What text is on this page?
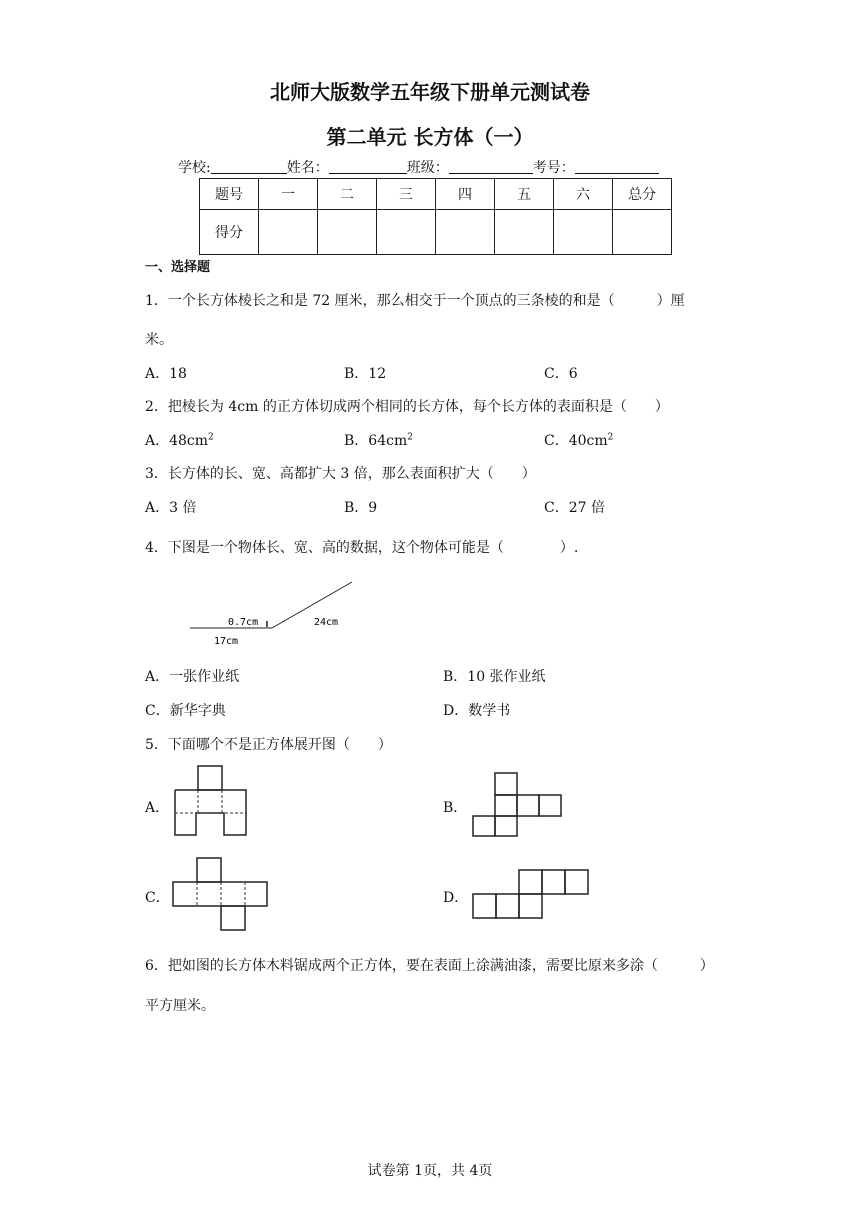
北师大版数学五年级下册单元测试卷
第二单元 长方体（一）
学校:	姓名：	班级：	考号：
题号	一	二	三	四	五	六	总分
得分							
一、选择题
1．一个长方体棱长之和是 72 厘米，那么相交于一个顶点的三条棱的和是（　　　）厘
米。
A．18	B．12	C．6
2．把棱长为 4cm 的正方体切成两个相同的长方体，每个长方体的表面积是（　　）
A．$48cm^2$	B．$64cm^2$	C．$40cm^2$
3．长方体的长、宽、高都扩大 3 倍，那么表面积扩大（　　）
A．3 倍	B．9	C．27 倍
4．下图是一个物体长、宽、高的数据，这个物体可能是（　　　　）.
0.7cm
17cm
24cm
A．一张作业纸	B．10 张作业纸
C．新华字典	D．数学书
5．下面哪个不是正方体展开图（　　）
A．	B．
C．	D．
6．把如图的长方体木料锯成两个正方体，要在表面上涂满油漆，需要比原来多涂（　　　）
平方厘米。
试卷第 1页，共 4页
